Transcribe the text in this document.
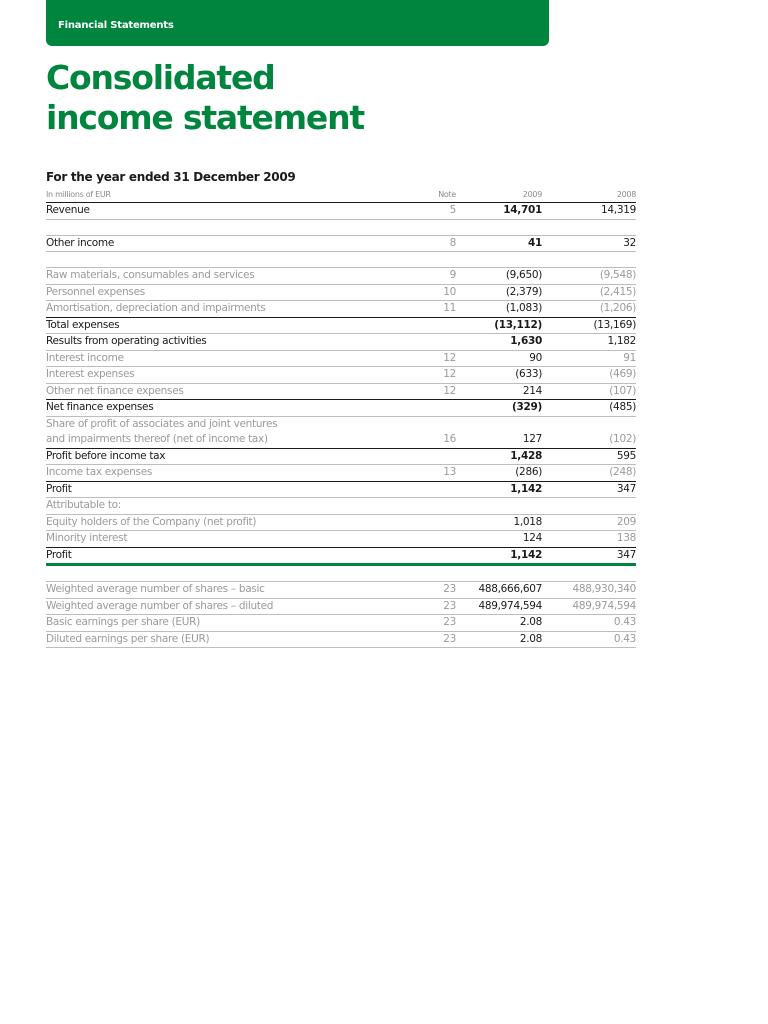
Financial Statements
Consolidated
income statement
For the year ended 31 December 2009
In millions of EUR	Note	2009	2008
Revenue	5	14,701	14,319

Other income	8	41	32

Raw materials, consumables and services	9	(9,650)	(9,548)
Personnel expenses	10	(2,379)	(2,415)
Amortisation, depreciation and impairments	11	(1,083)	(1,206)
Total expenses		(13,112)	(13,169)
Results from operating activities		1,630	1,182
Interest income	12	90	91
Interest expenses	12	(633)	(469)
Other net finance expenses	12	214	(107)
Net finance expenses		(329)	(485)
Share of profit of associates and joint ventures			
and impairments thereof (net of income tax)	16	127	(102)
Profit before income tax		1,428	595
Income tax expenses	13	(286)	(248)
Profit		1,142	347
Attributable to:			
Equity holders of the Company (net profit)		1,018	209
Minority interest		124	138
Profit		1,142	347

Weighted average number of shares – basic	23	488,666,607	488,930,340
Weighted average number of shares – diluted	23	489,974,594	489,974,594
Basic earnings per share (EUR)	23	2.08	0.43
Diluted earnings per share (EUR)	23	2.08	0.43
